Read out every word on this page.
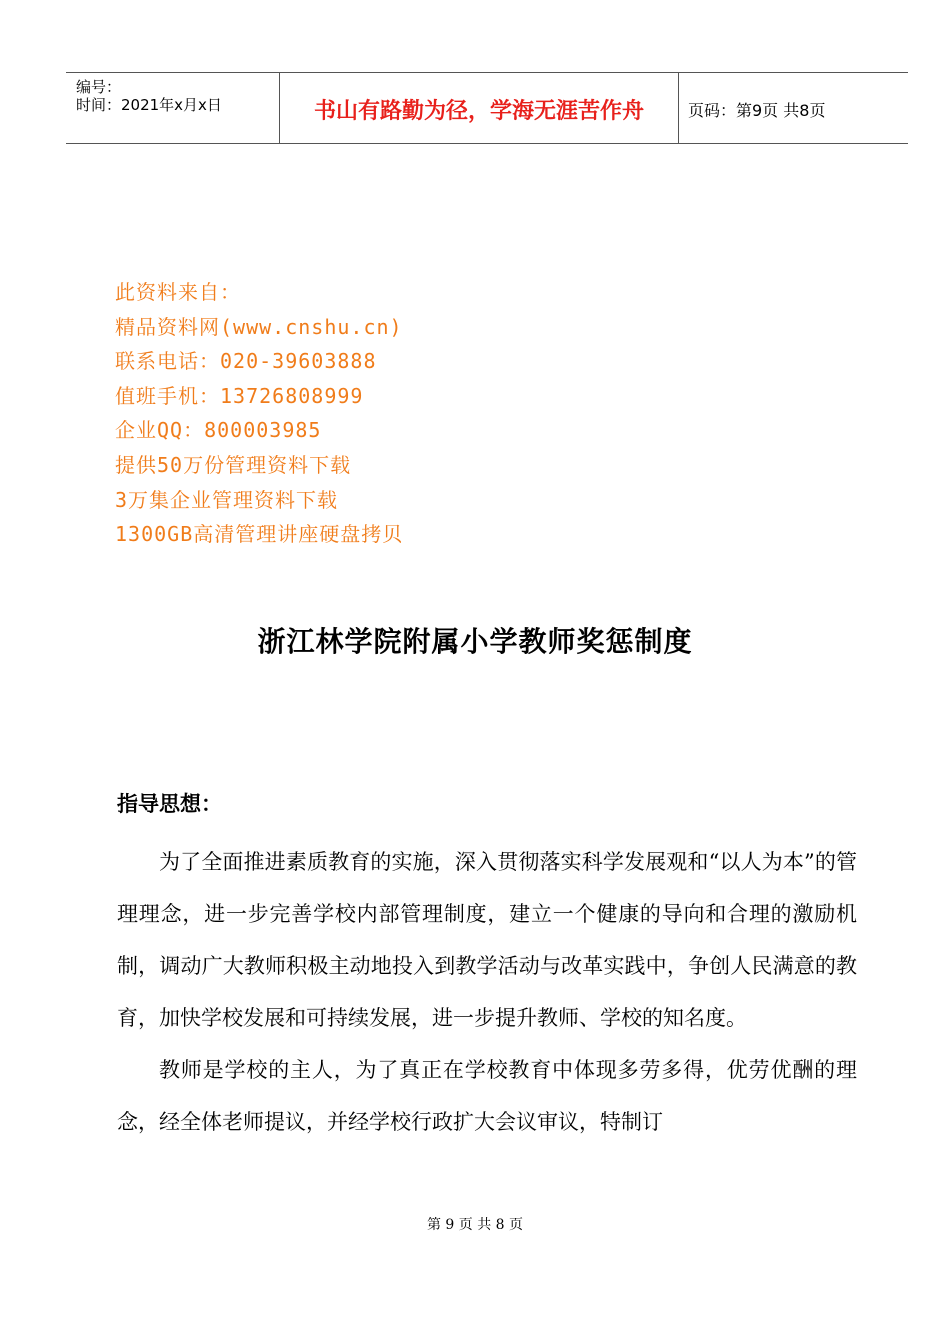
编号：
时间：2021年x月x日	书山有路勤为径，学海无涯苦作舟	页码：第9页 共8页
此资料来自：
精品资料网(www.cnshu.cn)
联系电话：020-39603888
值班手机：13726808999
企业QQ：800003985
提供50万份管理资料下载
3万集企业管理资料下载
1300GB高清管理讲座硬盘拷贝
浙江林学院附属小学教师奖惩制度
指导思想：

为了全面推进素质教育的实施，深入贯彻落实科学发展观和“以人为本”的管理理念，进一步完善学校内部管理制度，建立一个健康的导向和合理的激励机制，调动广大教师积极主动地投入到教学活动与改革实践中，争创人民满意的教育，加快学校发展和可持续发展，进一步提升教师、学校的知名度。

教师是学校的主人，为了真正在学校教育中体现多劳多得，优劳优酬的理念，经全体老师提议，并经学校行政扩大会议审议，特制订

第 9 页 共 8 页
